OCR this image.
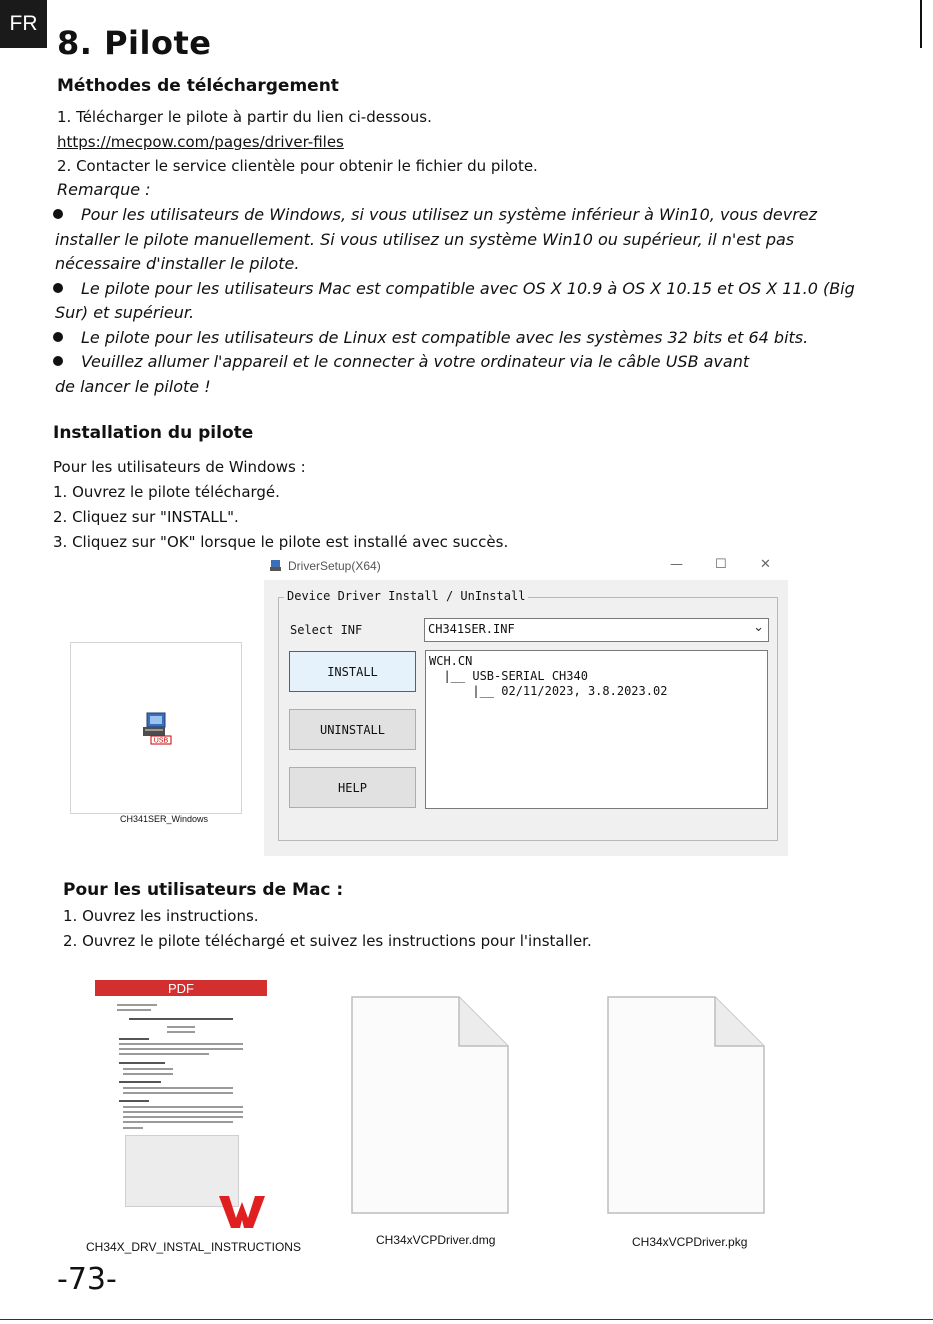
FR
8. Pilote
Méthodes de téléchargement
1. Télécharger le pilote à partir du lien ci-dessous.
https://mecpow.com/pages/driver-files
2. Contacter le service clientèle pour obtenir le fichier du pilote.
Remarque :

Pour les utilisateurs de Windows, si vous utilisez un système inférieur à Win10, vous devrez installer le pilote manuellement. Si vous utilisez un système Win10 ou supérieur, il n'est pas nécessaire d'installer le pilote.

Le pilote pour les utilisateurs Mac est compatible avec OS X 10.9 à OS X 10.15 et OS X 11.0 (Big Sur) et supérieur.

Le pilote pour les utilisateurs de Linux est compatible avec les systèmes 32 bits et 64 bits.

Veuillez allumer l'appareil et le connecter à votre ordinateur via le câble USB avant de lancer le pilote !

Installation du pilote
Pour les utilisateurs de Windows :
1. Ouvrez le pilote téléchargé.
2. Cliquez sur "INSTALL".
3. Cliquez sur "OK" lorsque le pilote est installé avec succès.
USB
CH341SER_Windows
DriverSetup(X64)	— ☐	✕
Device Driver Install / UnInstall
Select INF	CH341SER.INF	⌄
INSTALL
UNINSTALL
HELP
WCH.CN
|__ USB-SERIAL CH340
|__ 02/11/2023, 3.8.2023.02
Pour les utilisateurs de Mac :
1. Ouvrez les instructions.
2. Ouvrez le pilote téléchargé et suivez les instructions pour l'installer.
PDF
CH34X_DRV_INSTAL_INSTRUCTIONS	CH34xVCPDriver.dmg	CH34xVCPDriver.pkg
-73-
